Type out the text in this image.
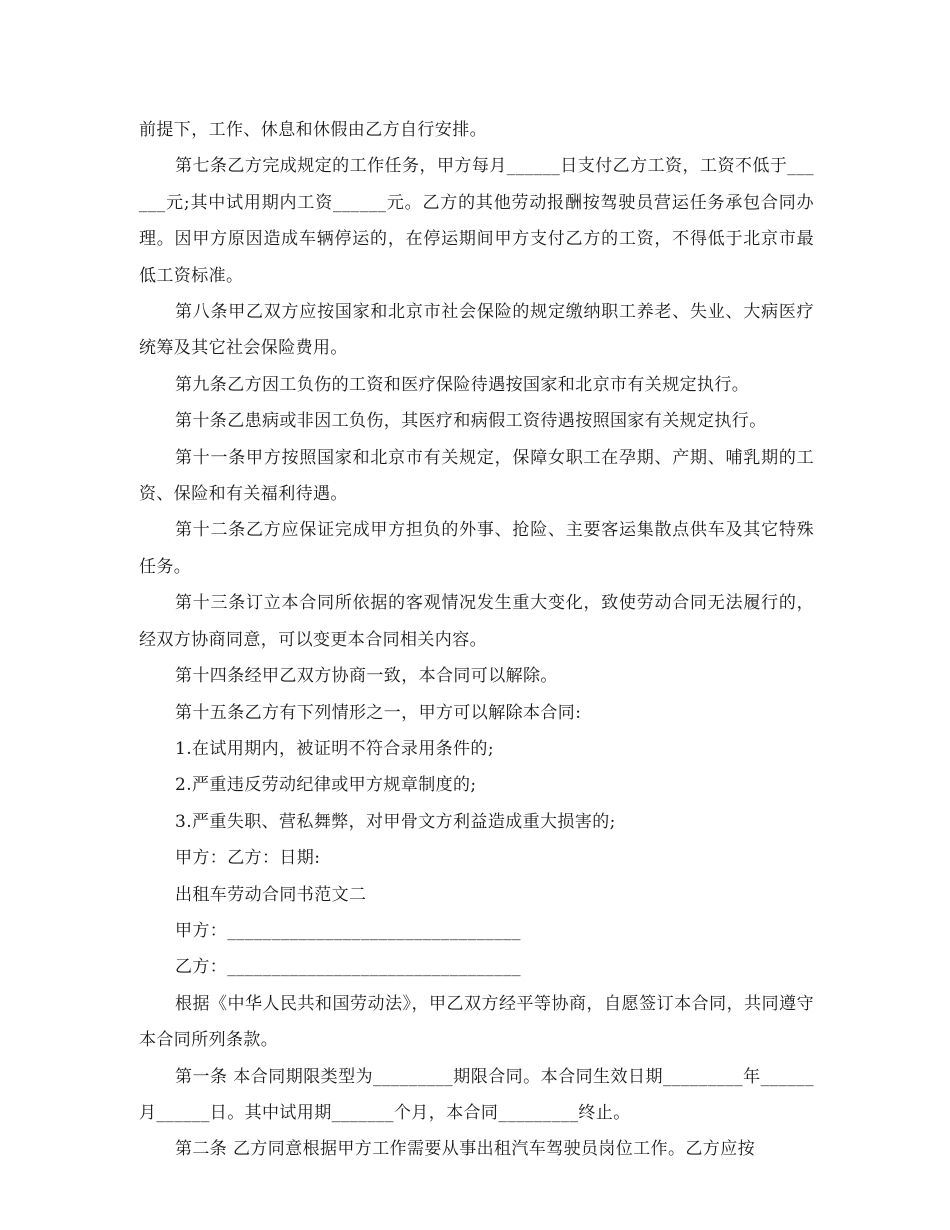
前提下，工作、休息和休假由乙方自行安排。

第七条乙方完成规定的工作任务，甲方每月______日支付乙方工资，工资不低于______元;其中试用期内工资______元。乙方的其他劳动报酬按驾驶员营运任务承包合同办理。因甲方原因造成车辆停运的，在停运期间甲方支付乙方的工资，不得低于北京市最低工资标准。

第八条甲乙双方应按国家和北京市社会保险的规定缴纳职工养老、失业、大病医疗统筹及其它社会保险费用。

第九条乙方因工负伤的工资和医疗保险待遇按国家和北京市有关规定执行。

第十条乙患病或非因工负伤，其医疗和病假工资待遇按照国家有关规定执行。

第十一条甲方按照国家和北京市有关规定，保障女职工在孕期、产期、哺乳期的工资、保险和有关福利待遇。

第十二条乙方应保证完成甲方担负的外事、抢险、主要客运集散点供车及其它特殊任务。

第十三条订立本合同所依据的客观情况发生重大变化，致使劳动合同无法履行的，经双方协商同意，可以变更本合同相关内容。

第十四条经甲乙双方协商一致，本合同可以解除。

第十五条乙方有下列情形之一，甲方可以解除本合同:

1.在试用期内，被证明不符合录用条件的;

2.严重违反劳动纪律或甲方规章制度的;

3.严重失职、营私舞弊，对甲骨文方利益造成重大损害的;

甲方：乙方：日期:

出租车劳动合同书范文二

甲方：_________________________________

乙方：_________________________________

根据《中华人民共和国劳动法》，甲乙双方经平等协商，自愿签订本合同，共同遵守本合同所列条款。

第一条 本合同期限类型为_________期限合同。本合同生效日期_________年______月______日。其中试用期_______个月，本合同_________终止。

第二条 乙方同意根据甲方工作需要从事出租汽车驾驶员岗位工作。乙方应按
